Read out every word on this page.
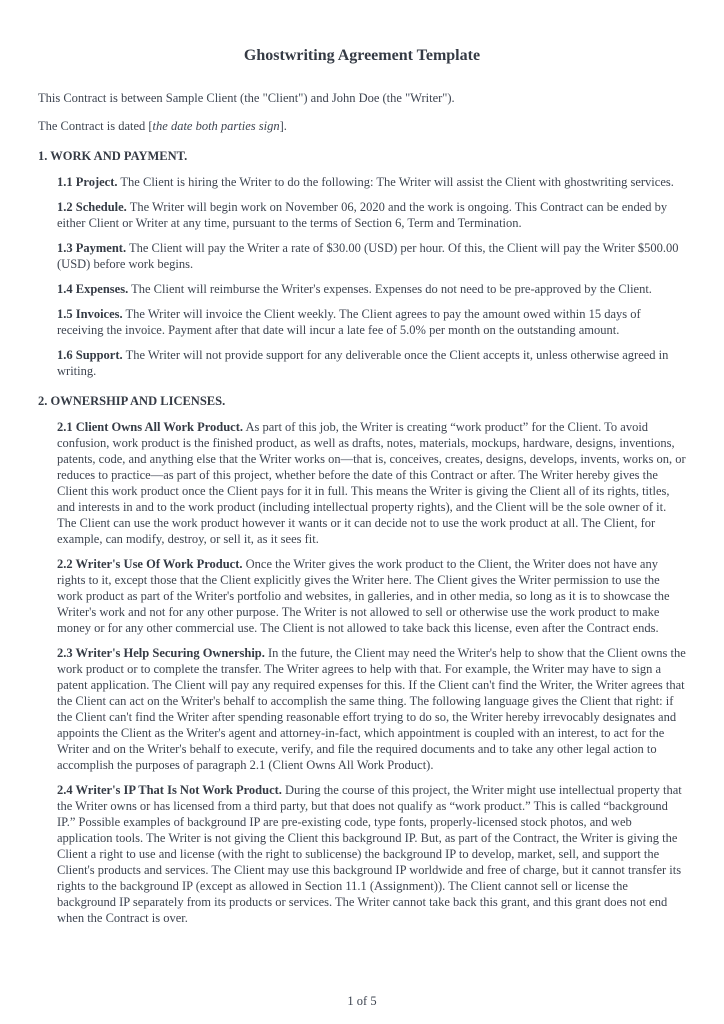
Ghostwriting Agreement Template

This Contract is between Sample Client (the "Client") and John Doe (the "Writer").

The Contract is dated [the date both parties sign].

1. WORK AND PAYMENT.

1.1 Project. The Client is hiring the Writer to do the following: The Writer will assist the Client with ghostwriting services.

1.2 Schedule. The Writer will begin work on November 06, 2020 and the work is ongoing. This Contract can be ended by either Client or Writer at any time, pursuant to the terms of Section 6, Term and Termination.

1.3 Payment. The Client will pay the Writer a rate of $30.00 (USD) per hour. Of this, the Client will pay the Writer $500.00 (USD) before work begins.

1.4 Expenses. The Client will reimburse the Writer's expenses. Expenses do not need to be pre-approved by the Client.

1.5 Invoices. The Writer will invoice the Client weekly. The Client agrees to pay the amount owed within 15 days of receiving the invoice. Payment after that date will incur a late fee of 5.0% per month on the outstanding amount.

1.6 Support. The Writer will not provide support for any deliverable once the Client accepts it, unless otherwise agreed in writing.

2. OWNERSHIP AND LICENSES.

2.1 Client Owns All Work Product. As part of this job, the Writer is creating “work product” for the Client. To avoid confusion, work product is the finished product, as well as drafts, notes, materials, mockups, hardware, designs, inventions, patents, code, and anything else that the Writer works on—that is, conceives, creates, designs, develops, invents, works on, or reduces to practice—as part of this project, whether before the date of this Contract or after. The Writer hereby gives the Client this work product once the Client pays for it in full. This means the Writer is giving the Client all of its rights, titles, and interests in and to the work product (including intellectual property rights), and the Client will be the sole owner of it. The Client can use the work product however it wants or it can decide not to use the work product at all. The Client, for example, can modify, destroy, or sell it, as it sees fit.

2.2 Writer's Use Of Work Product. Once the Writer gives the work product to the Client, the Writer does not have any rights to it, except those that the Client explicitly gives the Writer here. The Client gives the Writer permission to use the work product as part of the Writer's portfolio and websites, in galleries, and in other media, so long as it is to showcase the Writer's work and not for any other purpose. The Writer is not allowed to sell or otherwise use the work product to make money or for any other commercial use. The Client is not allowed to take back this license, even after the Contract ends.

2.3 Writer's Help Securing Ownership. In the future, the Client may need the Writer's help to show that the Client owns the work product or to complete the transfer. The Writer agrees to help with that. For example, the Writer may have to sign a patent application. The Client will pay any required expenses for this. If the Client can't find the Writer, the Writer agrees that the Client can act on the Writer's behalf to accomplish the same thing. The following language gives the Client that right: if the Client can't find the Writer after spending reasonable effort trying to do so, the Writer hereby irrevocably designates and appoints the Client as the Writer's agent and attorney-in-fact, which appointment is coupled with an interest, to act for the Writer and on the Writer's behalf to execute, verify, and file the required documents and to take any other legal action to accomplish the purposes of paragraph 2.1 (Client Owns All Work Product).

2.4 Writer's IP That Is Not Work Product. During the course of this project, the Writer might use intellectual property that the Writer owns or has licensed from a third party, but that does not qualify as “work product.” This is called “background IP.” Possible examples of background IP are pre-existing code, type fonts, properly-licensed stock photos, and web application tools. The Writer is not giving the Client this background IP. But, as part of the Contract, the Writer is giving the Client a right to use and license (with the right to sublicense) the background IP to develop, market, sell, and support the Client's products and services. The Client may use this background IP worldwide and free of charge, but it cannot transfer its rights to the background IP (except as allowed in Section 11.1 (Assignment)). The Client cannot sell or license the background IP separately from its products or services. The Writer cannot take back this grant, and this grant does not end when the Contract is over.

1 of 5
